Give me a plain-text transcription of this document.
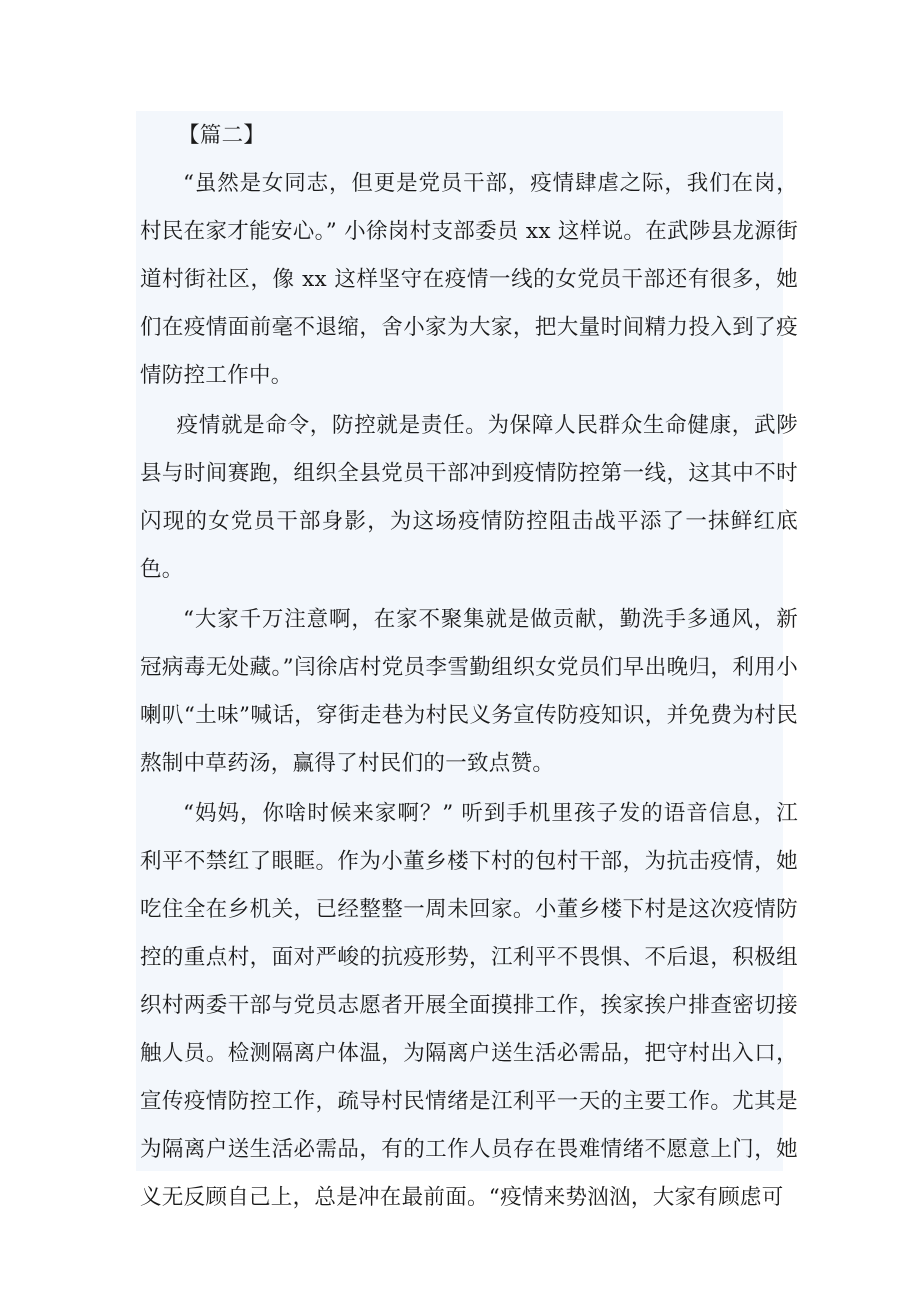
【篇二】

“虽然是女同志，但更是党员干部，疫情肆虐之际，我们在岗，村民在家才能安心。” 小徐岗村支部委员 xx 这样说。在武陟县龙源街道村街社区，像 xx 这样坚守在疫情一线的女党员干部还有很多，她们在疫情面前毫不退缩，舍小家为大家，把大量时间精力投入到了疫情防控工作中。

疫情就是命令，防控就是责任。为保障人民群众生命健康，武陟县与时间赛跑，组织全县党员干部冲到疫情防控第一线，这其中不时闪现的女党员干部身影，为这场疫情防控阻击战平添了一抹鲜红底色。

“大家千万注意啊，在家不聚集就是做贡献，勤洗手多通风，新冠病毒无处藏。”闫徐店村党员李雪勤组织女党员们早出晚归，利用小喇叭“土味”喊话，穿街走巷为村民义务宣传防疫知识，并免费为村民熬制中草药汤，赢得了村民们的一致点赞。

“妈妈，你啥时候来家啊？” 听到手机里孩子发的语音信息，江利平不禁红了眼眶。作为小董乡楼下村的包村干部，为抗击疫情，她吃住全在乡机关，已经整整一周未回家。小董乡楼下村是这次疫情防控的重点村，面对严峻的抗疫形势，江利平不畏惧、不后退，积极组织村两委干部与党员志愿者开展全面摸排工作，挨家挨户排查密切接触人员。检测隔离户体温，为隔离户送生活必需品，把守村出入口，宣传疫情防控工作，疏导村民情绪是江利平一天的主要工作。尤其是为隔离户送生活必需品，有的工作人员存在畏难情绪不愿意上门，她义无反顾自己上，总是冲在最前面。“疫情来势汹汹，大家有顾虑可
